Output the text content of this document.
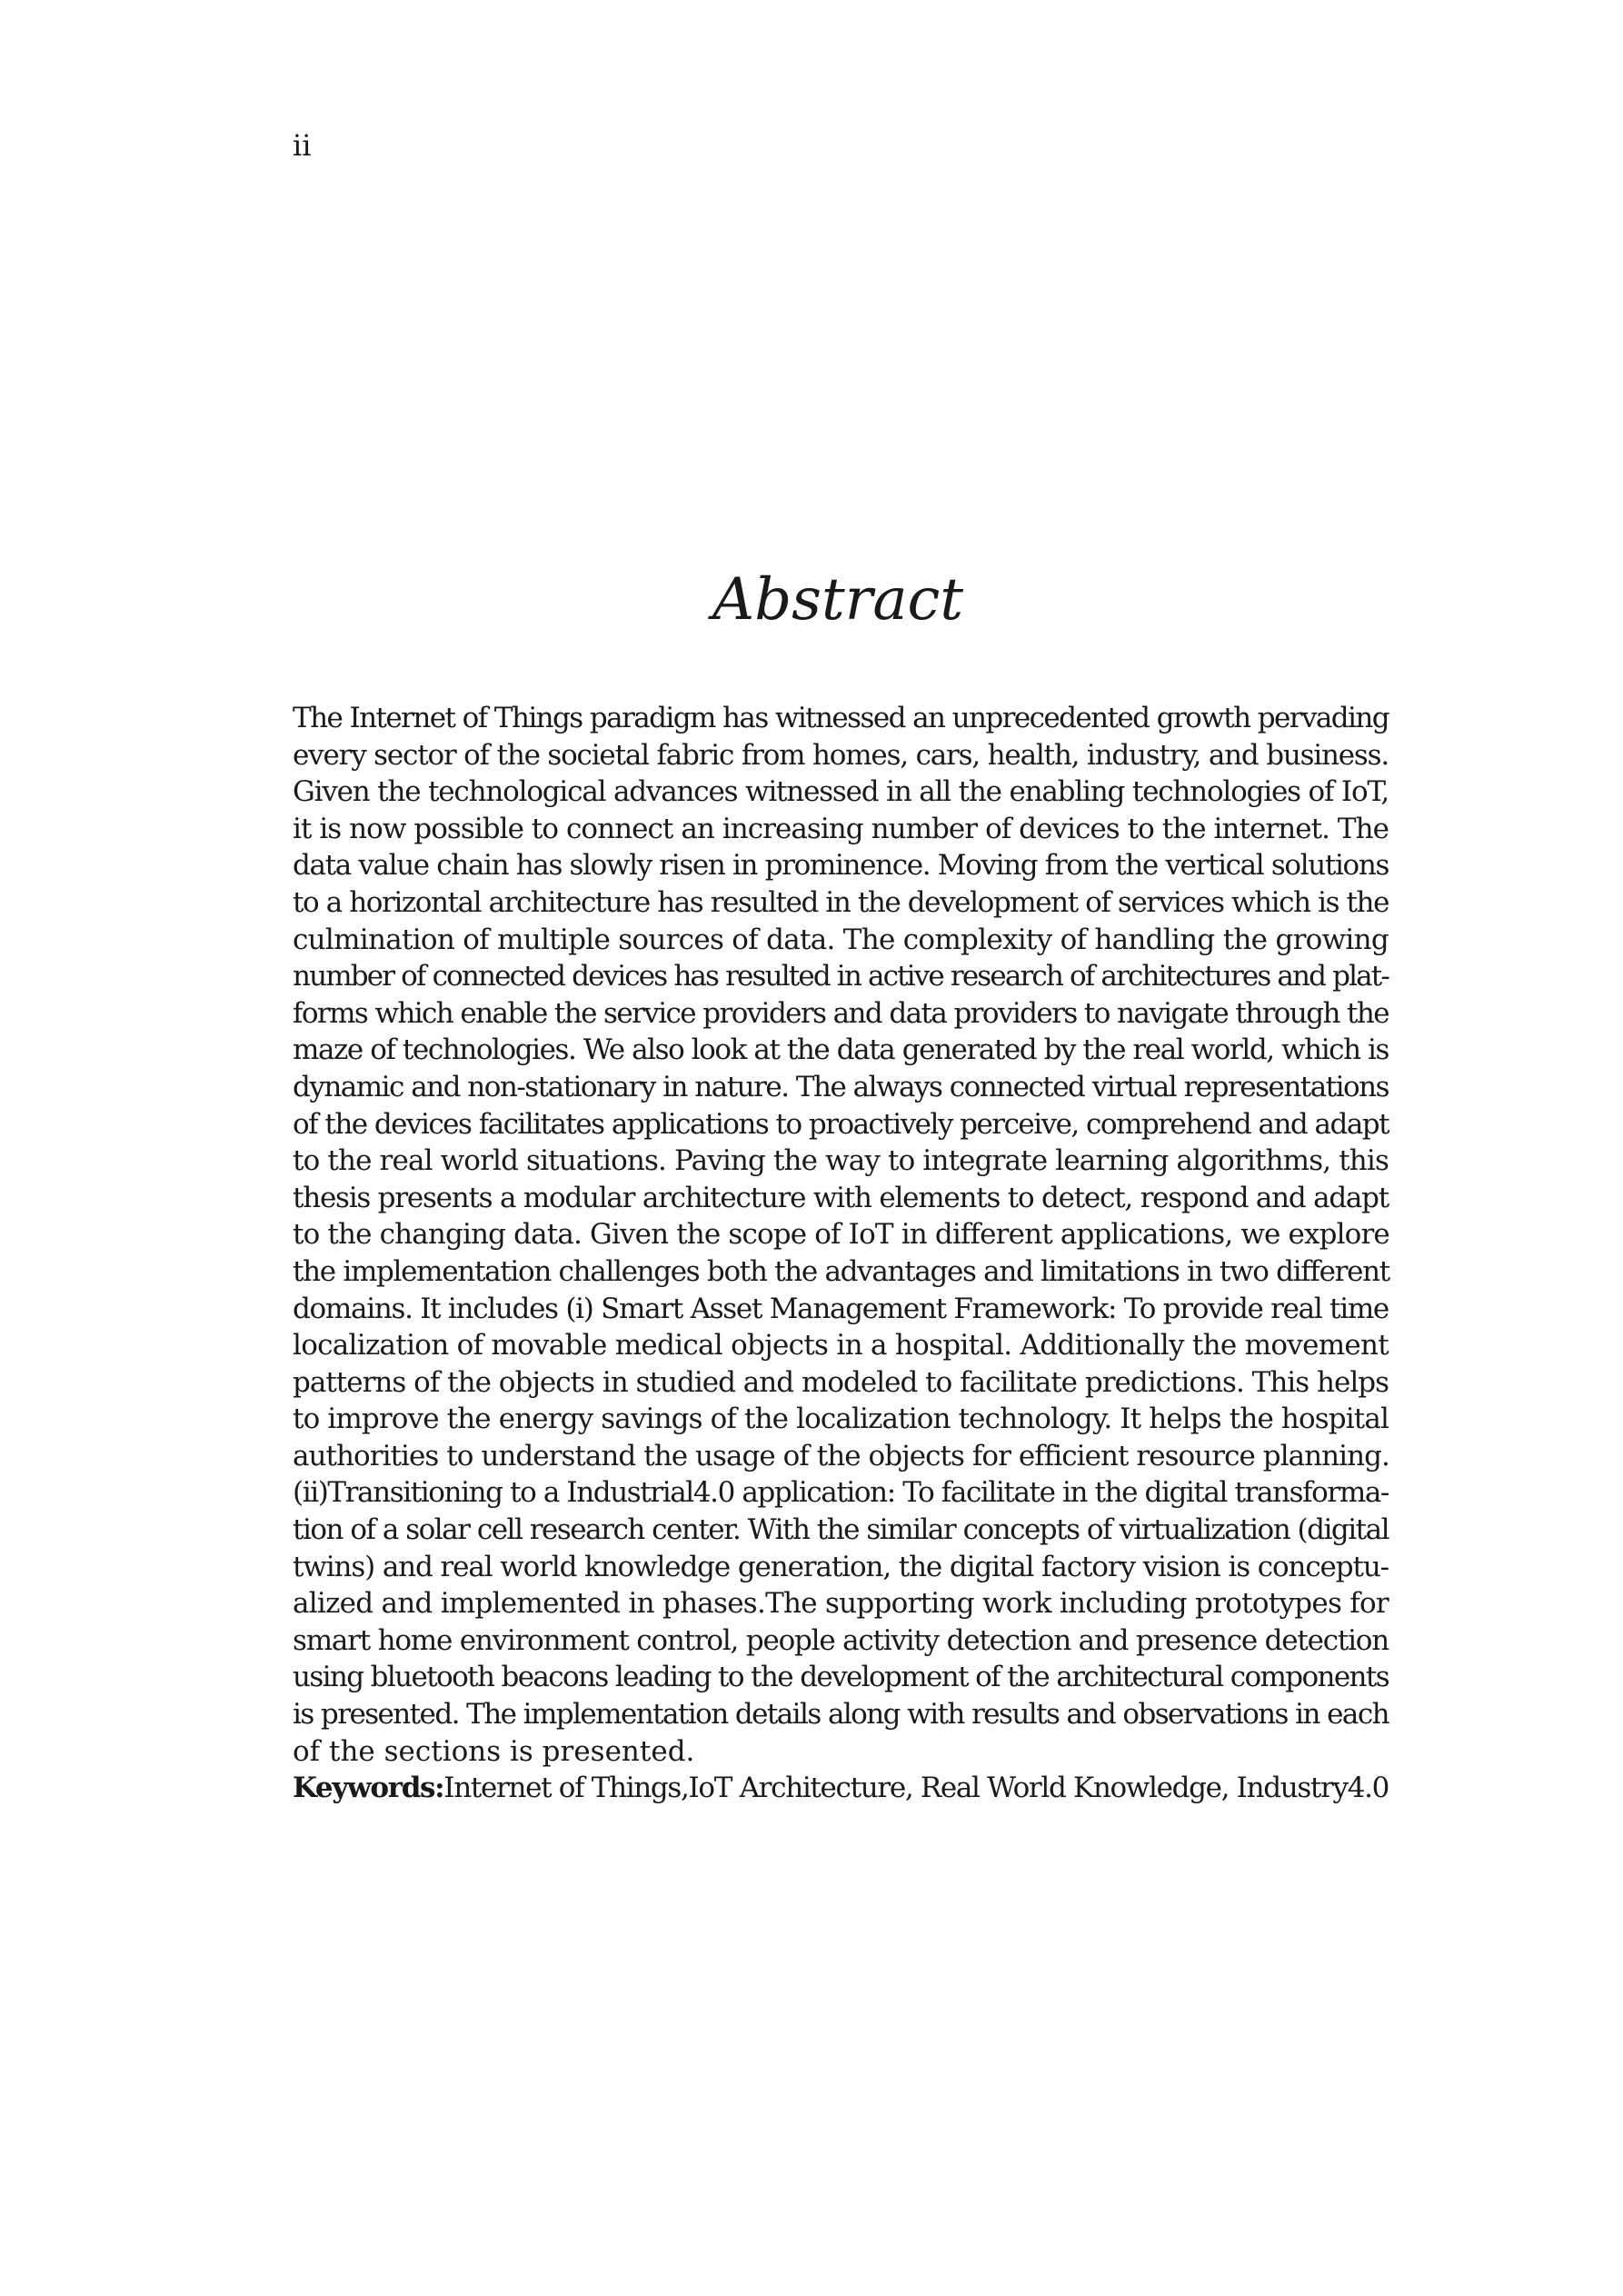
ii
Abstract
The Internet of Things paradigm has witnessed an unprecedented growth pervading
every sector of the societal fabric from homes, cars, health, industry, and business.
Given the technological advances witnessed in all the enabling technologies of IoT,
it is now possible to connect an increasing number of devices to the internet. The
data value chain has slowly risen in prominence. Moving from the vertical solutions
to a horizontal architecture has resulted in the development of services which is the
culmination of multiple sources of data. The complexity of handling the growing
number of connected devices has resulted in active research of architectures and plat-
forms which enable the service providers and data providers to navigate through the
maze of technologies. We also look at the data generated by the real world, which is
dynamic and non-stationary in nature. The always connected virtual representations
of the devices facilitates applications to proactively perceive, comprehend and adapt
to the real world situations. Paving the way to integrate learning algorithms, this
thesis presents a modular architecture with elements to detect, respond and adapt
to the changing data. Given the scope of IoT in different applications, we explore
the implementation challenges both the advantages and limitations in two different
domains. It includes (i) Smart Asset Management Framework: To provide real time
localization of movable medical objects in a hospital. Additionally the movement
patterns of the objects in studied and modeled to facilitate predictions. This helps
to improve the energy savings of the localization technology. It helps the hospital
authorities to understand the usage of the objects for efficient resource planning.
(ii)Transitioning to a Industrial4.0 application: To facilitate in the digital transforma-
tion of a solar cell research center. With the similar concepts of virtualization (digital
twins) and real world knowledge generation, the digital factory vision is conceptu-
alized and implemented in phases.The supporting work including prototypes for
smart home environment control, people activity detection and presence detection
using bluetooth beacons leading to the development of the architectural components
is presented. The implementation details along with results and observations in each
of the sections is presented.
Keywords:Internet of Things,IoT Architecture, Real World Knowledge, Industry4.0
